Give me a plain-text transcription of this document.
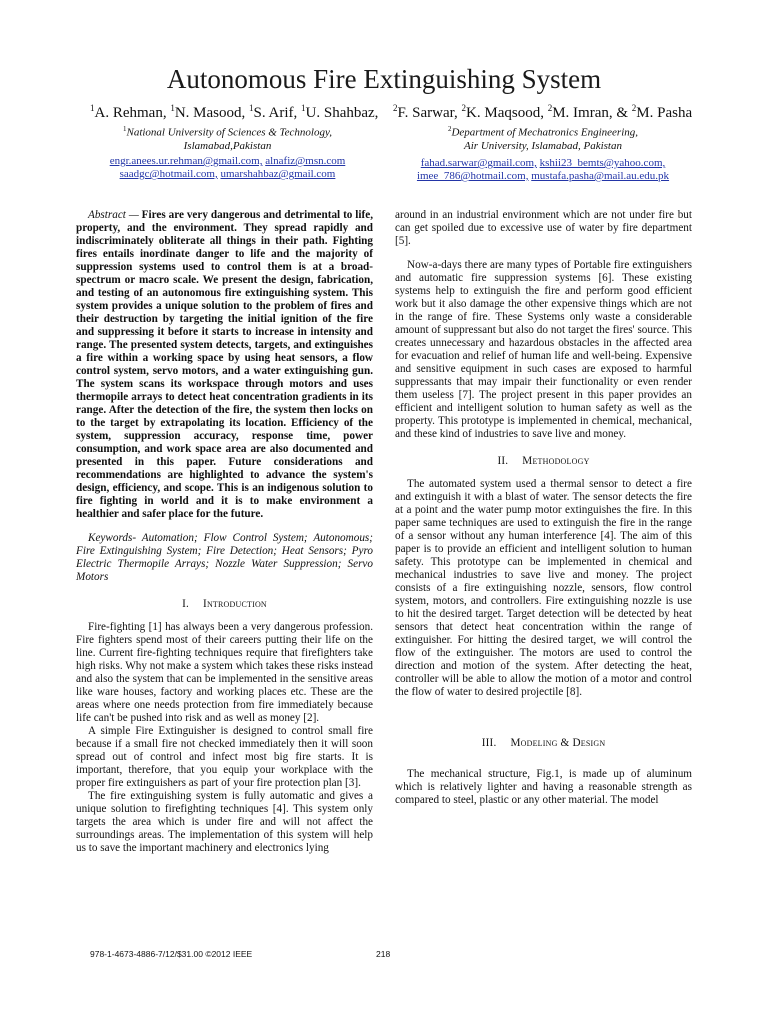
Autonomous Fire Extinguishing System
$^1$A. Rehman, $^1$N. Masood, $^1$S. Arif, $^1$U. Shahbaz,
$^1$National University of Sciences & Technology,
Islamabad,Pakistan
engr.anees.ur.rehman@gmail.com, alnafiz@msn.com
saadgc@hotmail.com, umarshahbaz@gmail.com
$^2$F. Sarwar, $^2$K. Maqsood, $^2$M. Imran, & $^2$M. Pasha
$^2$Department of Mechatronics Engineering,
Air University, Islamabad, Pakistan
fahad.sarwar@gmail.com, kshii23_bemts@yahoo.com,
imee_786@hotmail.com, mustafa.pasha@mail.au.edu.pk

Abstract — Fires are very dangerous and detrimental to life, property, and the environment. They spread rapidly and indiscriminately obliterate all things in their path. Fighting fires entails inordinate danger to life and the majority of suppression systems used to control them is at a broad-spectrum or macro scale. We present the design, fabrication, and testing of an autonomous fire extinguishing system. This system provides a unique solution to the problem of fires and their destruction by targeting the initial ignition of the fire and suppressing it before it starts to increase in intensity and range. The presented system detects, targets, and extinguishes a fire within a working space by using heat sensors, a flow control system, servo motors, and a water extinguishing gun. The system scans its workspace through motors and uses thermopile arrays to detect heat concentration gradients in its range. After the detection of the fire, the system then locks on to the target by extrapolating its location. Efficiency of the system, suppression accuracy, response time, power consumption, and work space area are also documented and presented in this paper. Future considerations and recommendations are highlighted to advance the system's design, efficiency, and scope. This is an indigenous solution to fire fighting in world and it is to make environment a healthier and safer place for the future.

Keywords- Automation; Flow Control System; Autonomous; Fire Extinguishing System; Fire Detection; Heat Sensors; Pyro Electric Thermopile Arrays; Nozzle Water Suppression; Servo Motors

I. Introduction

Fire-fighting [1] has always been a very dangerous profession. Fire fighters spend most of their careers putting their life on the line. Current fire-fighting techniques require that firefighters take high risks. Why not make a system which takes these risks instead and also the system that can be implemented in the sensitive areas like ware houses, factory and working places etc. These are the areas where one needs protection from fire immediately because life can't be pushed into risk and as well as money [2].

A simple Fire Extinguisher is designed to control small fire because if a small fire not checked immediately then it will soon spread out of control and infect most big fire starts. It is important, therefore, that you equip your workplace with the proper fire extinguishers as part of your fire protection plan [3].

The fire extinguishing system is fully automatic and gives a unique solution to firefighting techniques [4]. This system only targets the area which is under fire and will not affect the surroundings areas. The implementation of this system will help us to save the important machinery and electronics lying

around in an industrial environment which are not under fire but can get spoiled due to excessive use of water by fire department [5].

Now-a-days there are many types of Portable fire extinguishers and automatic fire suppression systems [6]. These existing systems help to extinguish the fire and perform good efficient work but it also damage the other expensive things which are not in the range of fire. These Systems only waste a considerable amount of suppressant but also do not target the fires' source. This creates unnecessary and hazardous obstacles in the affected area for evacuation and relief of human life and well-being. Expensive and sensitive equipment in such cases are exposed to harmful suppressants that may impair their functionality or even render them useless [7]. The project present in this paper provides an efficient and intelligent solution to human safety as well as the property. This prototype is implemented in chemical, mechanical, and these kind of industries to save live and money.

II. Methodology

The automated system used a thermal sensor to detect a fire and extinguish it with a blast of water. The sensor detects the fire at a point and the water pump motor extinguishes the fire. In this paper same techniques are used to extinguish the fire in the range of a sensor without any human interference [4]. The aim of this paper is to provide an efficient and intelligent solution to human safety. This prototype can be implemented in chemical and mechanical industries to save live and money. The project consists of a fire extinguishing nozzle, sensors, flow control system, motors, and controllers. Fire extinguishing nozzle is use to hit the desired target. Target detection will be detected by heat sensors that detect heat concentration within the range of extinguisher. For hitting the desired target, we will control the flow of the extinguisher. The motors are used to control the direction and motion of the system. After detecting the heat, controller will be able to allow the motion of a motor and control the flow of water to desired projectile [8].

III. Modeling & Design

The mechanical structure, Fig.1, is made up of aluminum which is relatively lighter and having a reasonable strength as compared to steel, plastic or any other material. The model

978-1-4673-4886-7/12/$31.00 ©2012 IEEE	218
